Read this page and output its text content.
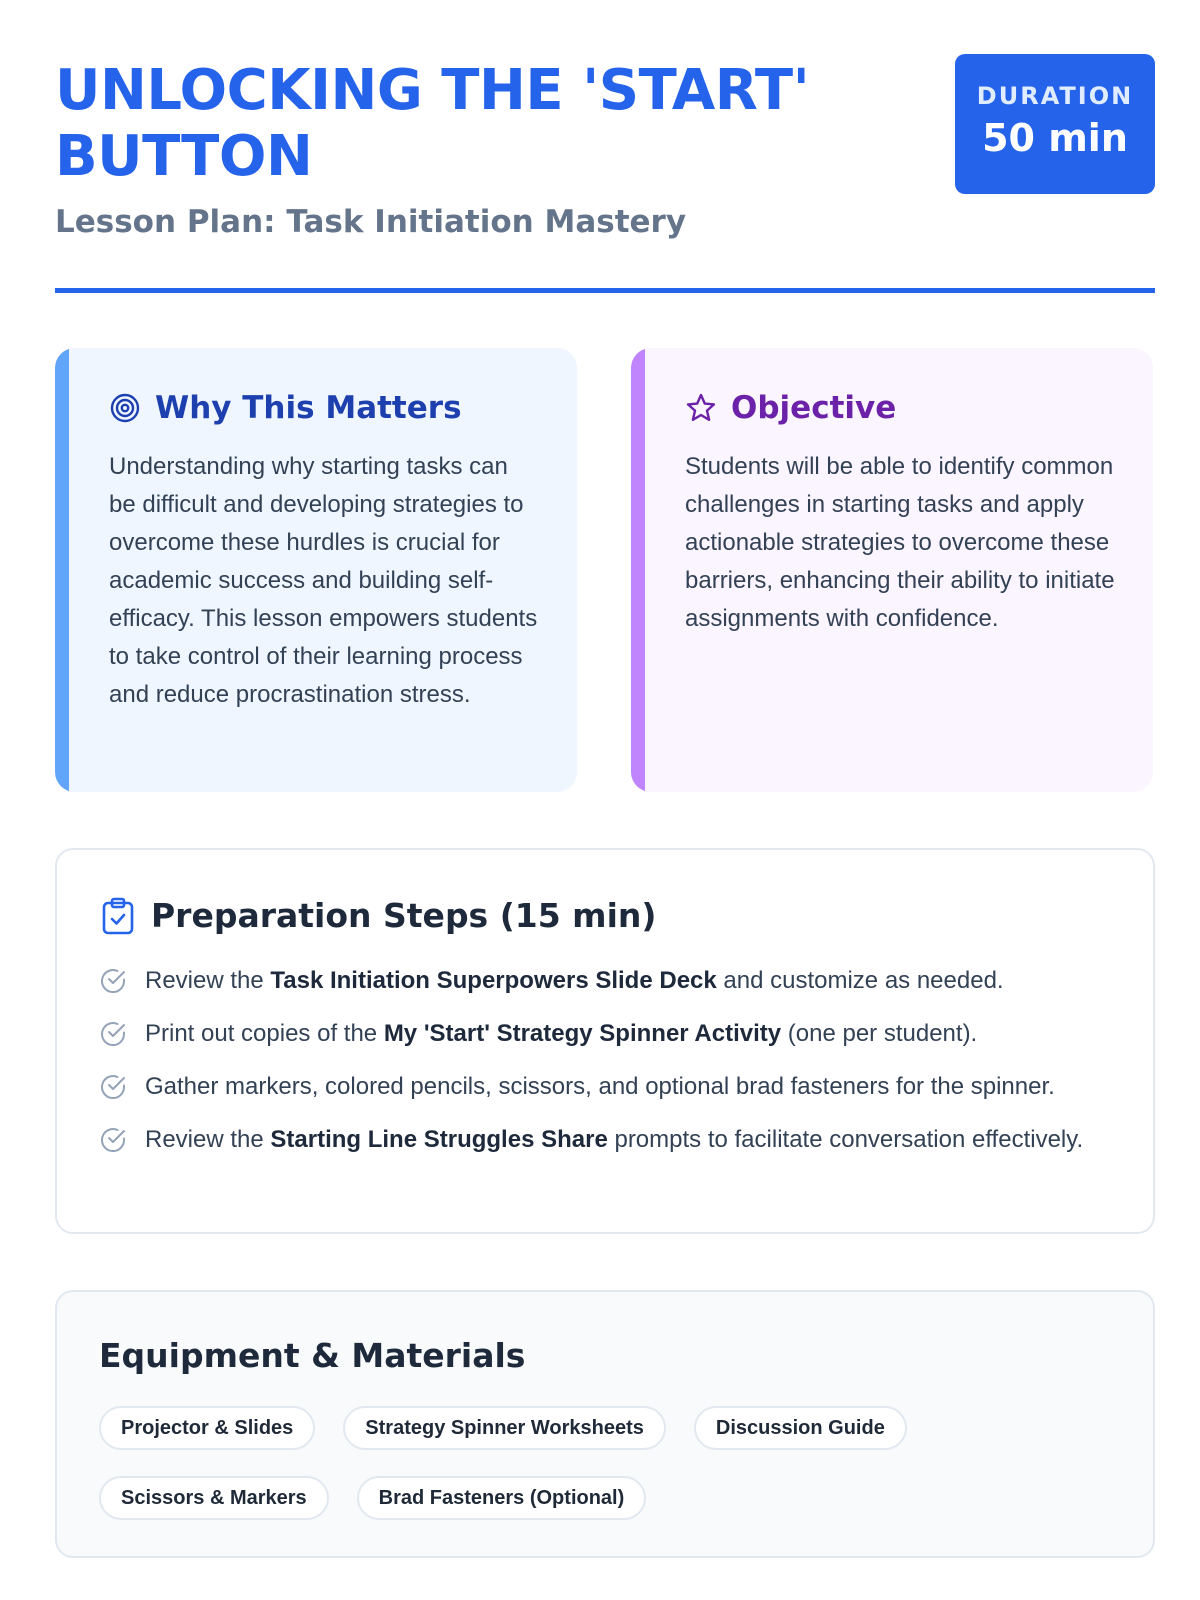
UNLOCKING THE 'START' BUTTON
Lesson Plan: Task Initiation Mastery
DURATION
50 min
Why This Matters

Understanding why starting tasks can be difficult and developing strategies to overcome these hurdles is crucial for academic success and building self-efficacy. This lesson empowers students to take control of their learning process and reduce procrastination stress.

Objective

Students will be able to identify common challenges in starting tasks and apply actionable strategies to overcome these barriers, enhancing their ability to initiate assignments with confidence.

Preparation Steps (15 min)
Review the Task Initiation Superpowers Slide Deck and customize as needed.
Print out copies of the My 'Start' Strategy Spinner Activity (one per student).
Gather markers, colored pencils, scissors, and optional brad fasteners for the spinner.
Review the Starting Line Struggles Share prompts to facilitate conversation effectively.
Equipment & Materials
Projector & Slides	Strategy Spinner Worksheets	Discussion Guide
Scissors & Markers	Brad Fasteners (Optional)
